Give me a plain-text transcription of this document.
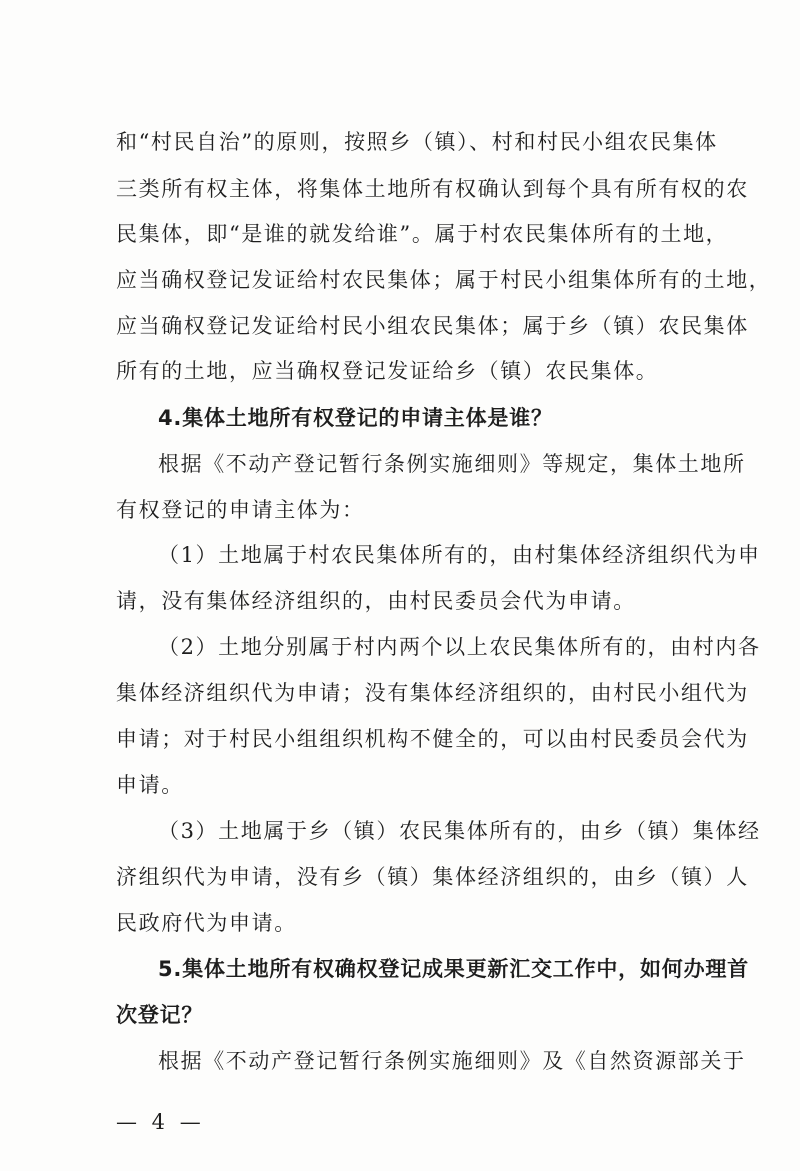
和“村民自治”的原则，按照乡（镇）、村和村民小组农民集体
三类所有权主体，将集体土地所有权确认到每个具有所有权的农
民集体，即“是谁的就发给谁”。属于村农民集体所有的土地，
应当确权登记发证给村农民集体；属于村民小组集体所有的土地，
应当确权登记发证给村民小组农民集体；属于乡（镇）农民集体
所有的土地，应当确权登记发证给乡（镇）农民集体。
4.集体土地所有权登记的申请主体是谁？
根据《不动产登记暂行条例实施细则》等规定，集体土地所
有权登记的申请主体为：
（1）土地属于村农民集体所有的，由村集体经济组织代为申
请，没有集体经济组织的，由村民委员会代为申请。
（2）土地分别属于村内两个以上农民集体所有的，由村内各
集体经济组织代为申请；没有集体经济组织的，由村民小组代为
申请；对于村民小组组织机构不健全的，可以由村民委员会代为
申请。
（3）土地属于乡（镇）农民集体所有的，由乡（镇）集体经
济组织代为申请，没有乡（镇）集体经济组织的，由乡（镇）人
民政府代为申请。
5.集体土地所有权确权登记成果更新汇交工作中，如何办理首
次登记？
根据《不动产登记暂行条例实施细则》及《自然资源部关于
— 4 —
